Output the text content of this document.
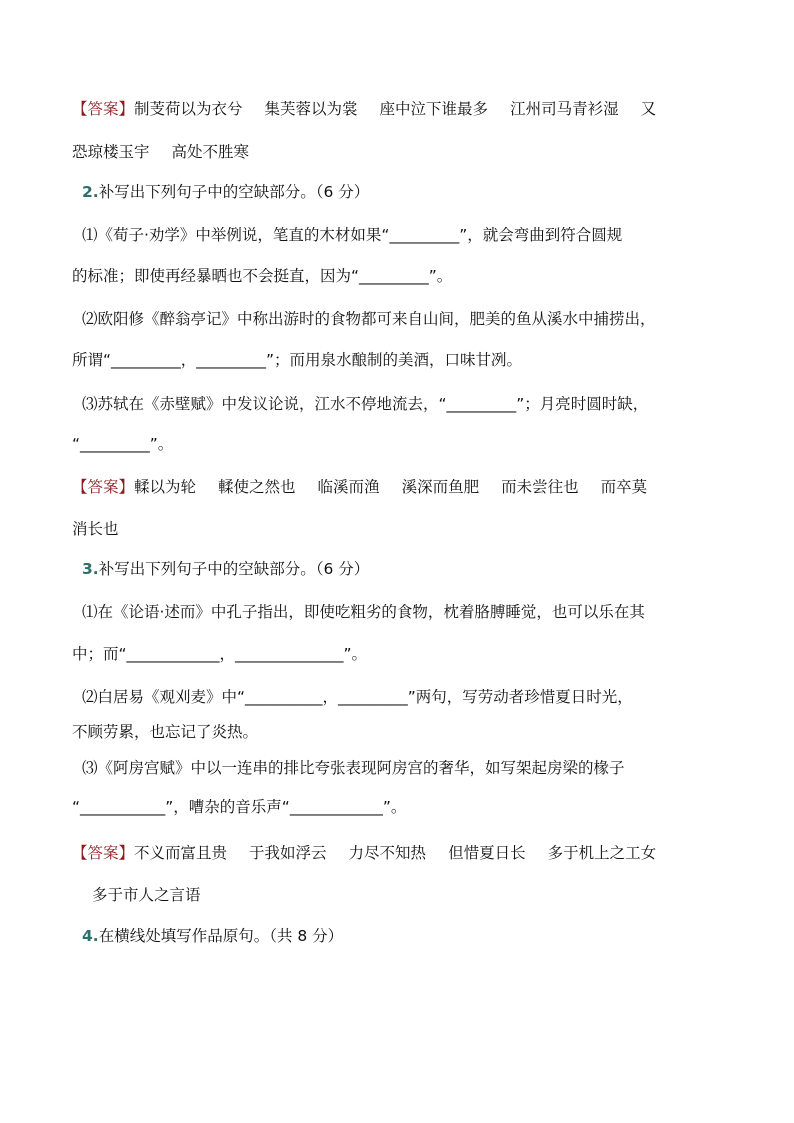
【答案】制芰荷以为衣兮 集芙蓉以为裳 座中泣下谁最多 江州司马青衫湿 又
恐琼楼玉宇 高处不胜寒
2.补写出下列句子中的空缺部分。（6 分）
⑴《荀子·劝学》中举例说，笔直的木材如果“_________”，就会弯曲到符合圆规
的标准；即使再经暴晒也不会挺直，因为“_________”。
⑵欧阳修《醉翁亭记》中称出游时的食物都可来自山间，肥美的鱼从溪水中捕捞出，
所谓“_________，_________”；而用泉水酿制的美酒，口味甘冽。
⑶苏轼在《赤壁赋》中发议论说，江水不停地流去，“_________”；月亮时圆时缺，
“_________”。
【答案】輮以为轮 輮使之然也 临溪而渔 溪深而鱼肥 而未尝往也 而卒莫
消长也
3.补写出下列句子中的空缺部分。（6 分）
⑴在《论语·述而》中孔子指出，即使吃粗劣的食物，枕着胳膊睡觉，也可以乐在其
中；而“____________，______________”。
⑵白居易《观刈麦》中“__________，_________”两句，写劳动者珍惜夏日时光，
不顾劳累，也忘记了炎热。
⑶《阿房宫赋》中以一连串的排比夸张表现阿房宫的奢华，如写架起房梁的椽子
“___________”，嘈杂的音乐声“____________”。
【答案】不义而富且贵 于我如浮云 力尽不知热 但惜夏日长 多于机上之工女
多于市人之言语
4.在横线处填写作品原句。（共 8 分）
